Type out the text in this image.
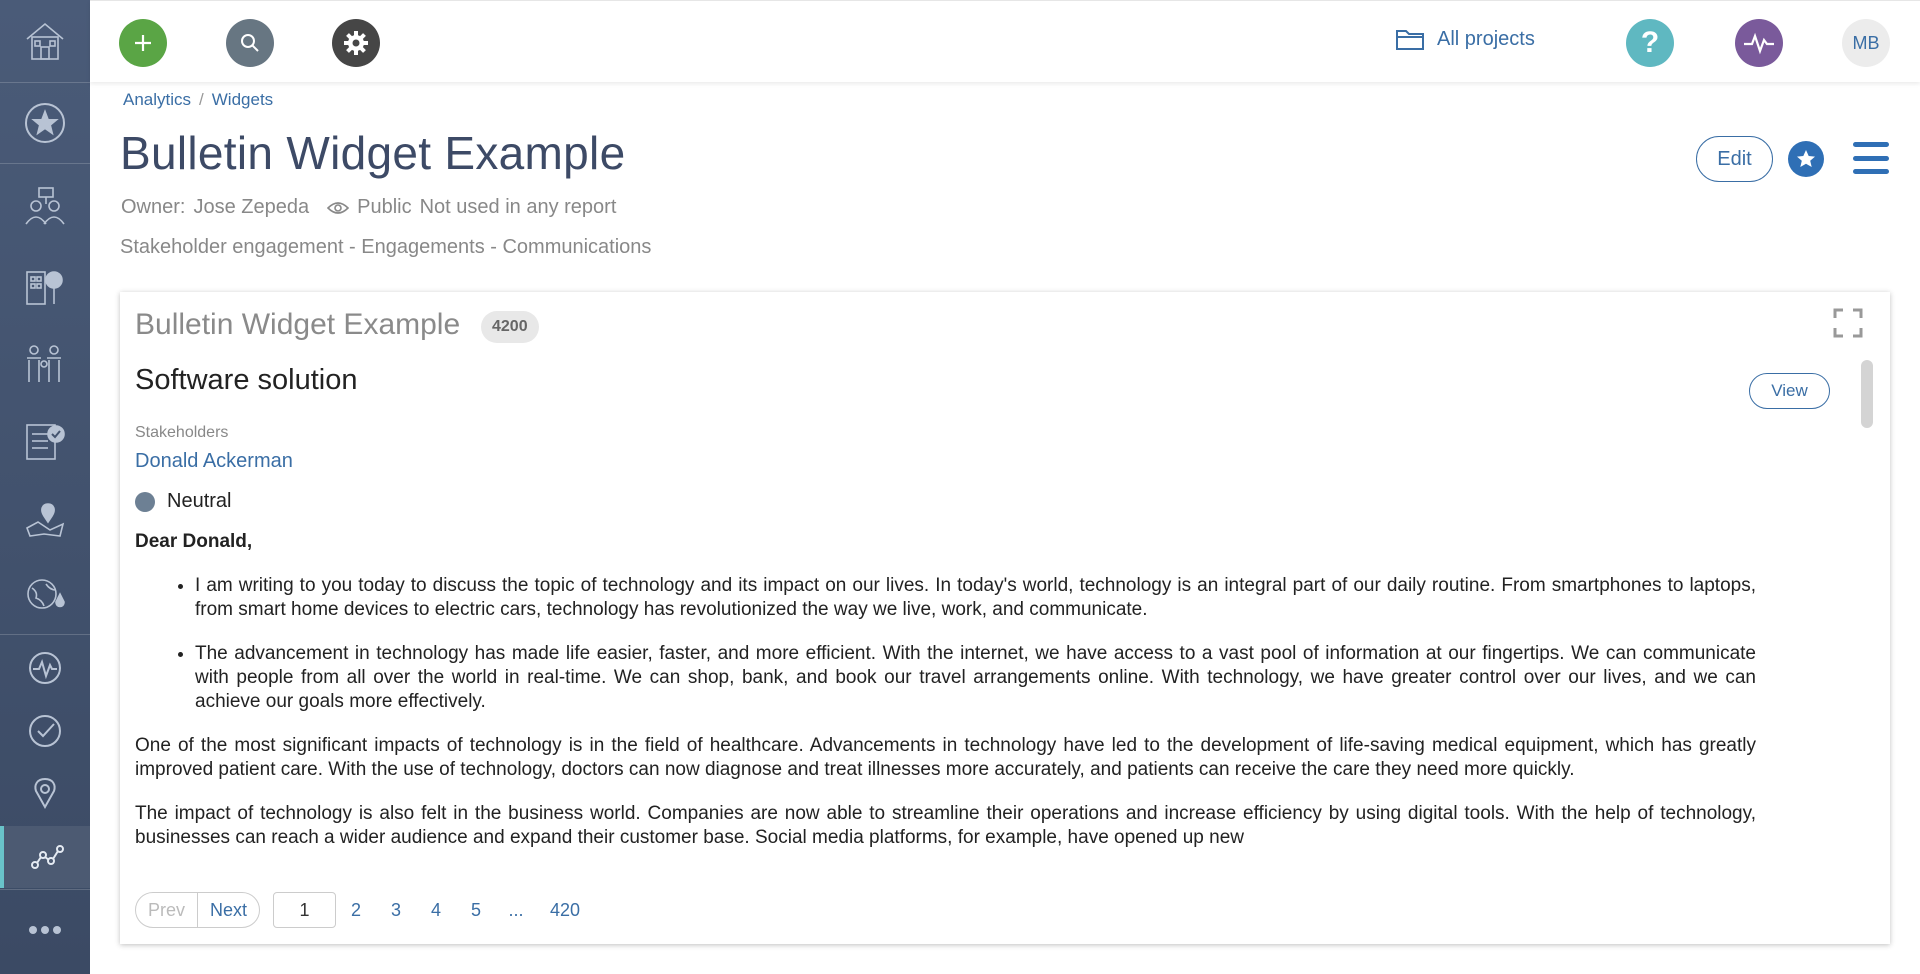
All projects	?	MB
Analytics / Widgets
Bulletin Widget Example
Owner: Jose Zepeda Public Not used in any report
Stakeholder engagement - Engagements - Communications
Edit
Bulletin Widget Example	4200
View
Software solution
Stakeholders
Donald Ackerman
Neutral
Dear Donald,
• I am writing to you today to discuss the topic of technology and its impact on our lives. In today's world, technology is an integral part of our daily routine. From smartphones to laptops, from smart home devices to electric cars, technology has revolutionized the way we live, work, and communicate.
• The advancement in technology has made life easier, faster, and more efficient. With the internet, we have access to a vast pool of information at our fingertips. We can communicate with people from all over the world in real-time. We can shop, bank, and book our travel arrangements online. With technology, we have greater control over our lives, and we can achieve our goals more effectively.

One of the most significant impacts of technology is in the field of healthcare. Advancements in technology have led to the development of life-saving medical equipment, which has greatly improved patient care. With the use of technology, doctors can now diagnose and treat illnesses more accurately, and patients can receive the care they need more quickly.

The impact of technology is also felt in the business world. Companies are now able to streamline their operations and increase efficiency by using digital tools. With the help of technology, businesses can reach a wider audience and expand their customer base. Social media platforms, for example, have opened up new

Prev	Next	1	2	3	4	5	...	420
